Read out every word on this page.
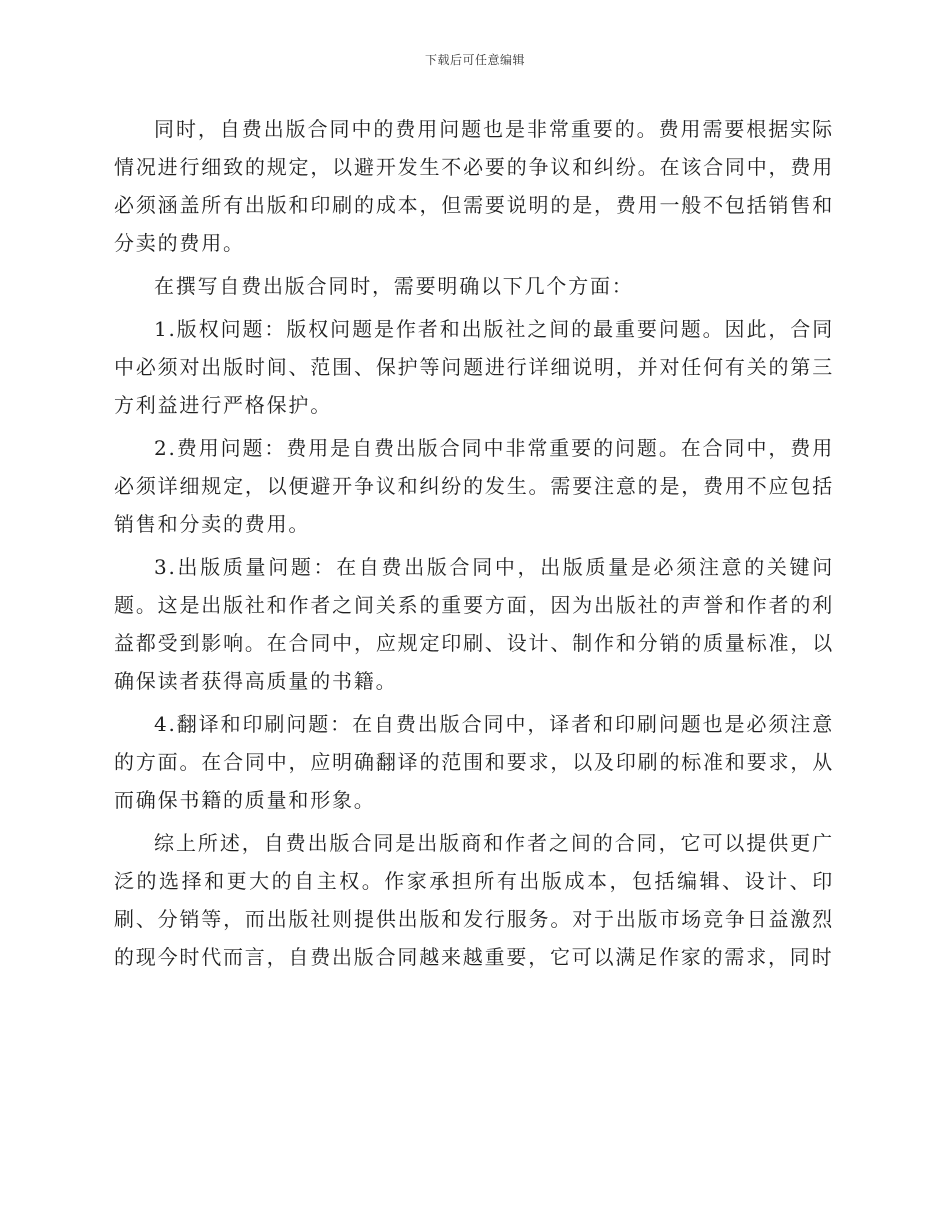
下载后可任意编辑

同时，自费出版合同中的费用问题也是非常重要的。费用需要根据实际情况进行细致的规定，以避开发生不必要的争议和纠纷。在该合同中，费用必须涵盖所有出版和印刷的成本，但需要说明的是，费用一般不包括销售和分卖的费用。

在撰写自费出版合同时，需要明确以下几个方面：

1.版权问题：版权问题是作者和出版社之间的最重要问题。因此，合同中必须对出版时间、范围、保护等问题进行详细说明，并对任何有关的第三方利益进行严格保护。

2.费用问题：费用是自费出版合同中非常重要的问题。在合同中，费用必须详细规定，以便避开争议和纠纷的发生。需要注意的是，费用不应包括销售和分卖的费用。

3.出版质量问题：在自费出版合同中，出版质量是必须注意的关键问题。这是出版社和作者之间关系的重要方面，因为出版社的声誉和作者的利益都受到影响。在合同中，应规定印刷、设计、制作和分销的质量标准，以确保读者获得高质量的书籍。

4.翻译和印刷问题：在自费出版合同中，译者和印刷问题也是必须注意的方面。在合同中，应明确翻译的范围和要求，以及印刷的标准和要求，从而确保书籍的质量和形象。

综上所述，自费出版合同是出版商和作者之间的合同，它可以提供更广泛的选择和更大的自主权。作家承担所有出版成本，包括编辑、设计、印刷、分销等，而出版社则提供出版和发行服务。对于出版市场竞争日益激烈的现今时代而言，自费出版合同越来越重要，它可以满足作家的需求，同时
